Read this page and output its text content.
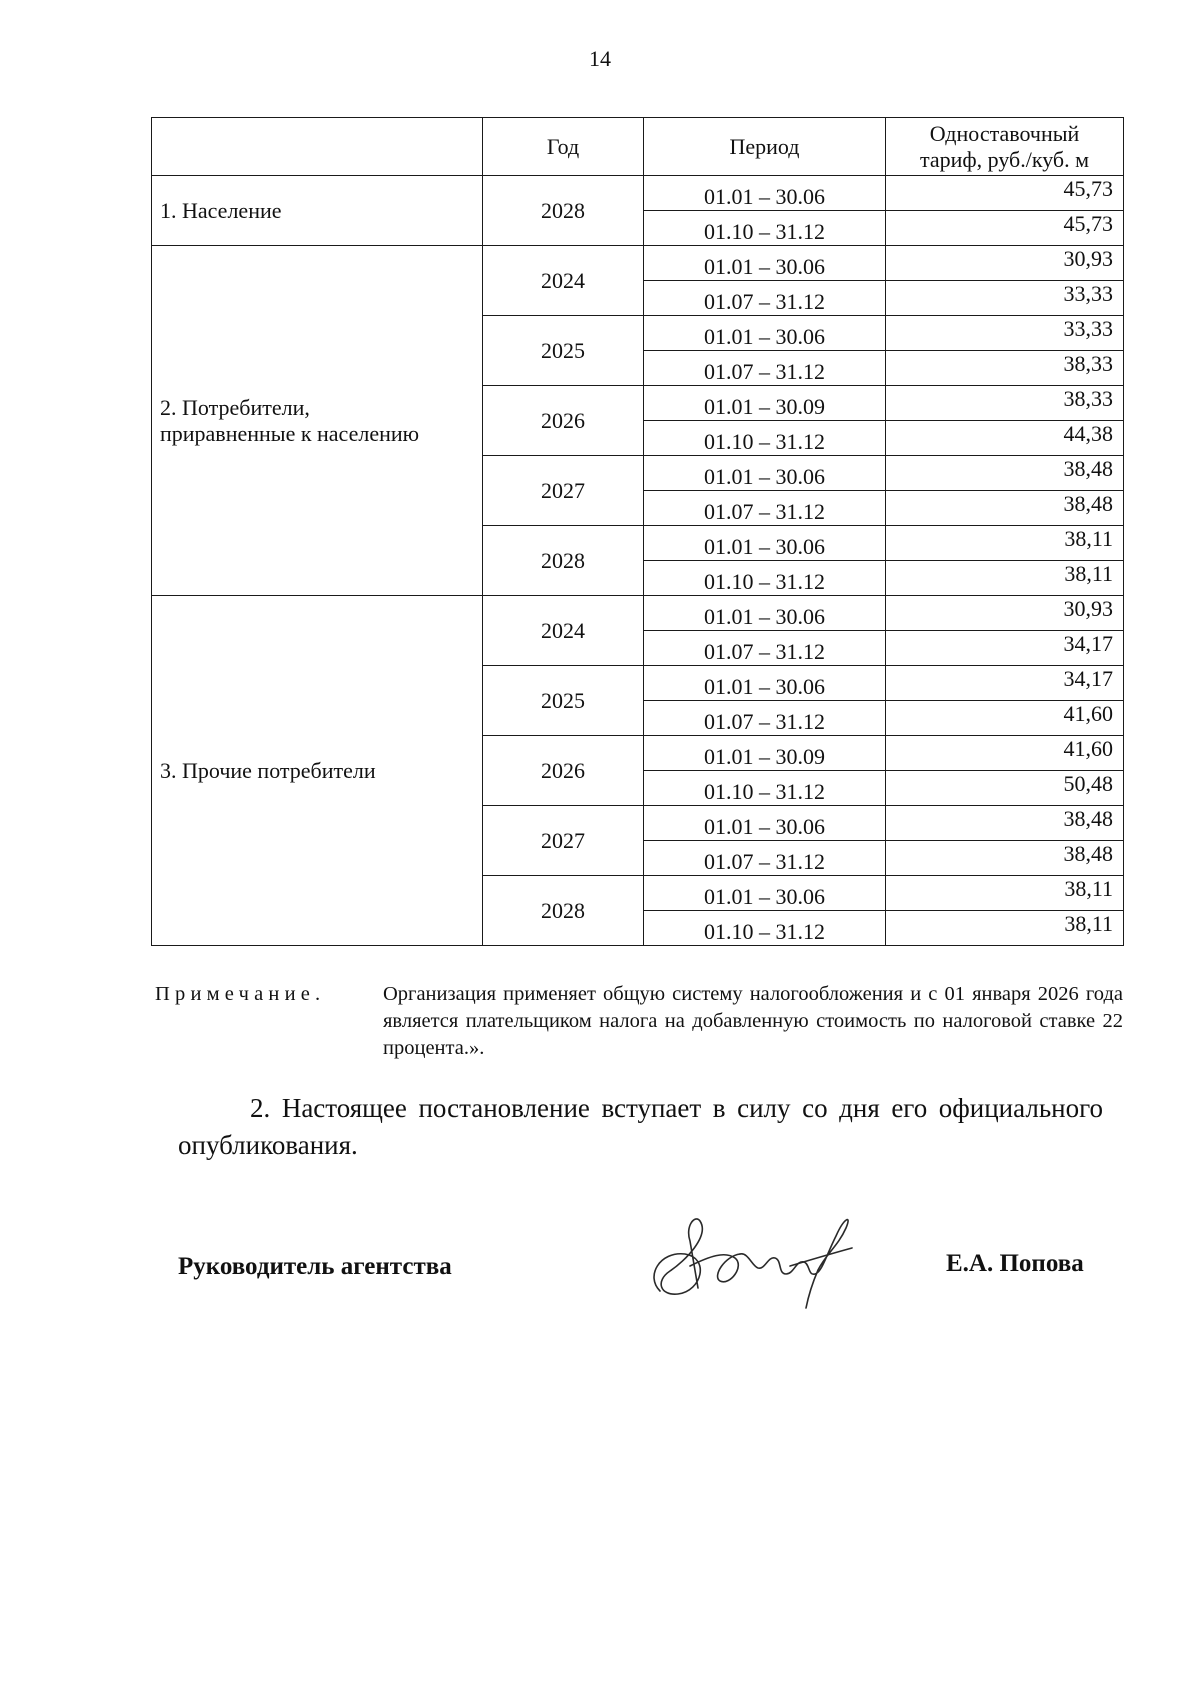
14
	Год	Период	Одноставочный
тариф, руб./куб. м
1. Население	2028	01.01 – 30.06	45,73
		01.10 – 31.12	45,73
2. Потребители,
приравненные к населению	2024	01.01 – 30.06	30,93
		01.07 – 31.12	33,33
	2025	01.01 – 30.06	33,33
		01.07 – 31.12	38,33
	2026	01.01 – 30.09	38,33
		01.10 – 31.12	44,38
	2027	01.01 – 30.06	38,48
		01.07 – 31.12	38,48
	2028	01.01 – 30.06	38,11
		01.10 – 31.12	38,11
3. Прочие потребители	2024	01.01 – 30.06	30,93
		01.07 – 31.12	34,17
	2025	01.01 – 30.06	34,17
		01.07 – 31.12	41,60
	2026	01.01 – 30.09	41,60
		01.10 – 31.12	50,48
	2027	01.01 – 30.06	38,48
		01.07 – 31.12	38,48
	2028	01.01 – 30.06	38,11
		01.10 – 31.12	38,11
Примечание.	Организация применяет общую систему налогообложения и с 01 января 2026 года является плательщиком налога на добавленную стоимость по налоговой ставке 22 процента.».
2. Настоящее постановление вступает в силу со дня его официального опубликования.
Руководитель агентства	Е.А. Попова
